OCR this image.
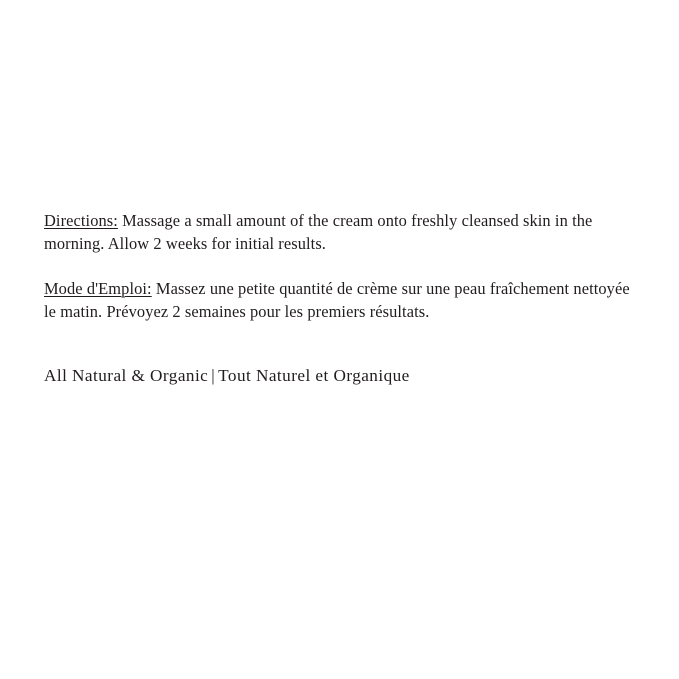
Directions: Massage a small amount of the cream onto freshly cleansed skin in the morning. Allow 2 weeks for initial results.

Mode d'Emploi: Massez une petite quantité de crème sur une peau fraîchement nettoyée le matin. Prévoyez 2 semaines pour les premiers résultats.

All Natural & Organic | Tout Naturel et Organique
